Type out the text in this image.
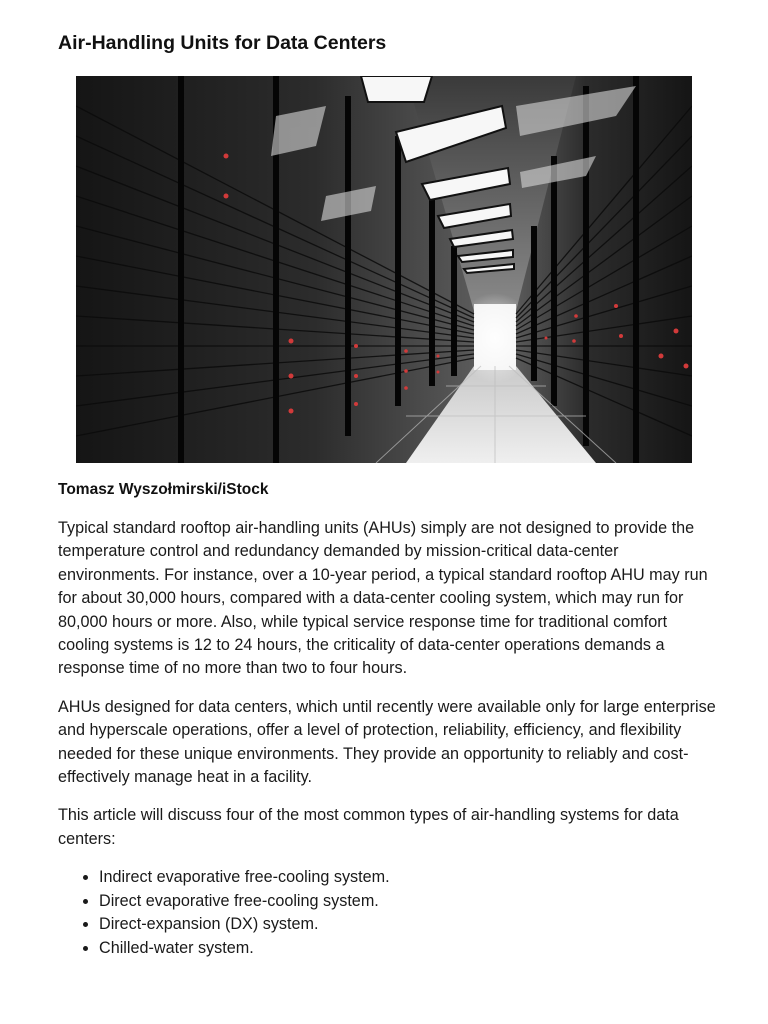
Air-Handling Units for Data Centers

Tomasz Wyszołmirski/iStock

Typical standard rooftop air-handling units (AHUs) simply are not designed to provide the temperature control and redundancy demanded by mission-critical data-center environments. For instance, over a 10-year period, a typical standard rooftop AHU may run for about 30,000 hours, compared with a data-center cooling system, which may run for 80,000 hours or more. Also, while typical service response time for traditional comfort cooling systems is 12 to 24 hours, the criticality of data-center operations demands a response time of no more than two to four hours.

AHUs designed for data centers, which until recently were available only for large enterprise and hyperscale operations, offer a level of protection, reliability, efficiency, and flexibility needed for these unique environments. They provide an opportunity to reliably and cost-effectively manage heat in a facility.

This article will discuss four of the most common types of air-handling systems for data centers:

• Indirect evaporative free-cooling system.
• Direct evaporative free-cooling system.
• Direct-expansion (DX) system.
• Chilled-water system.
